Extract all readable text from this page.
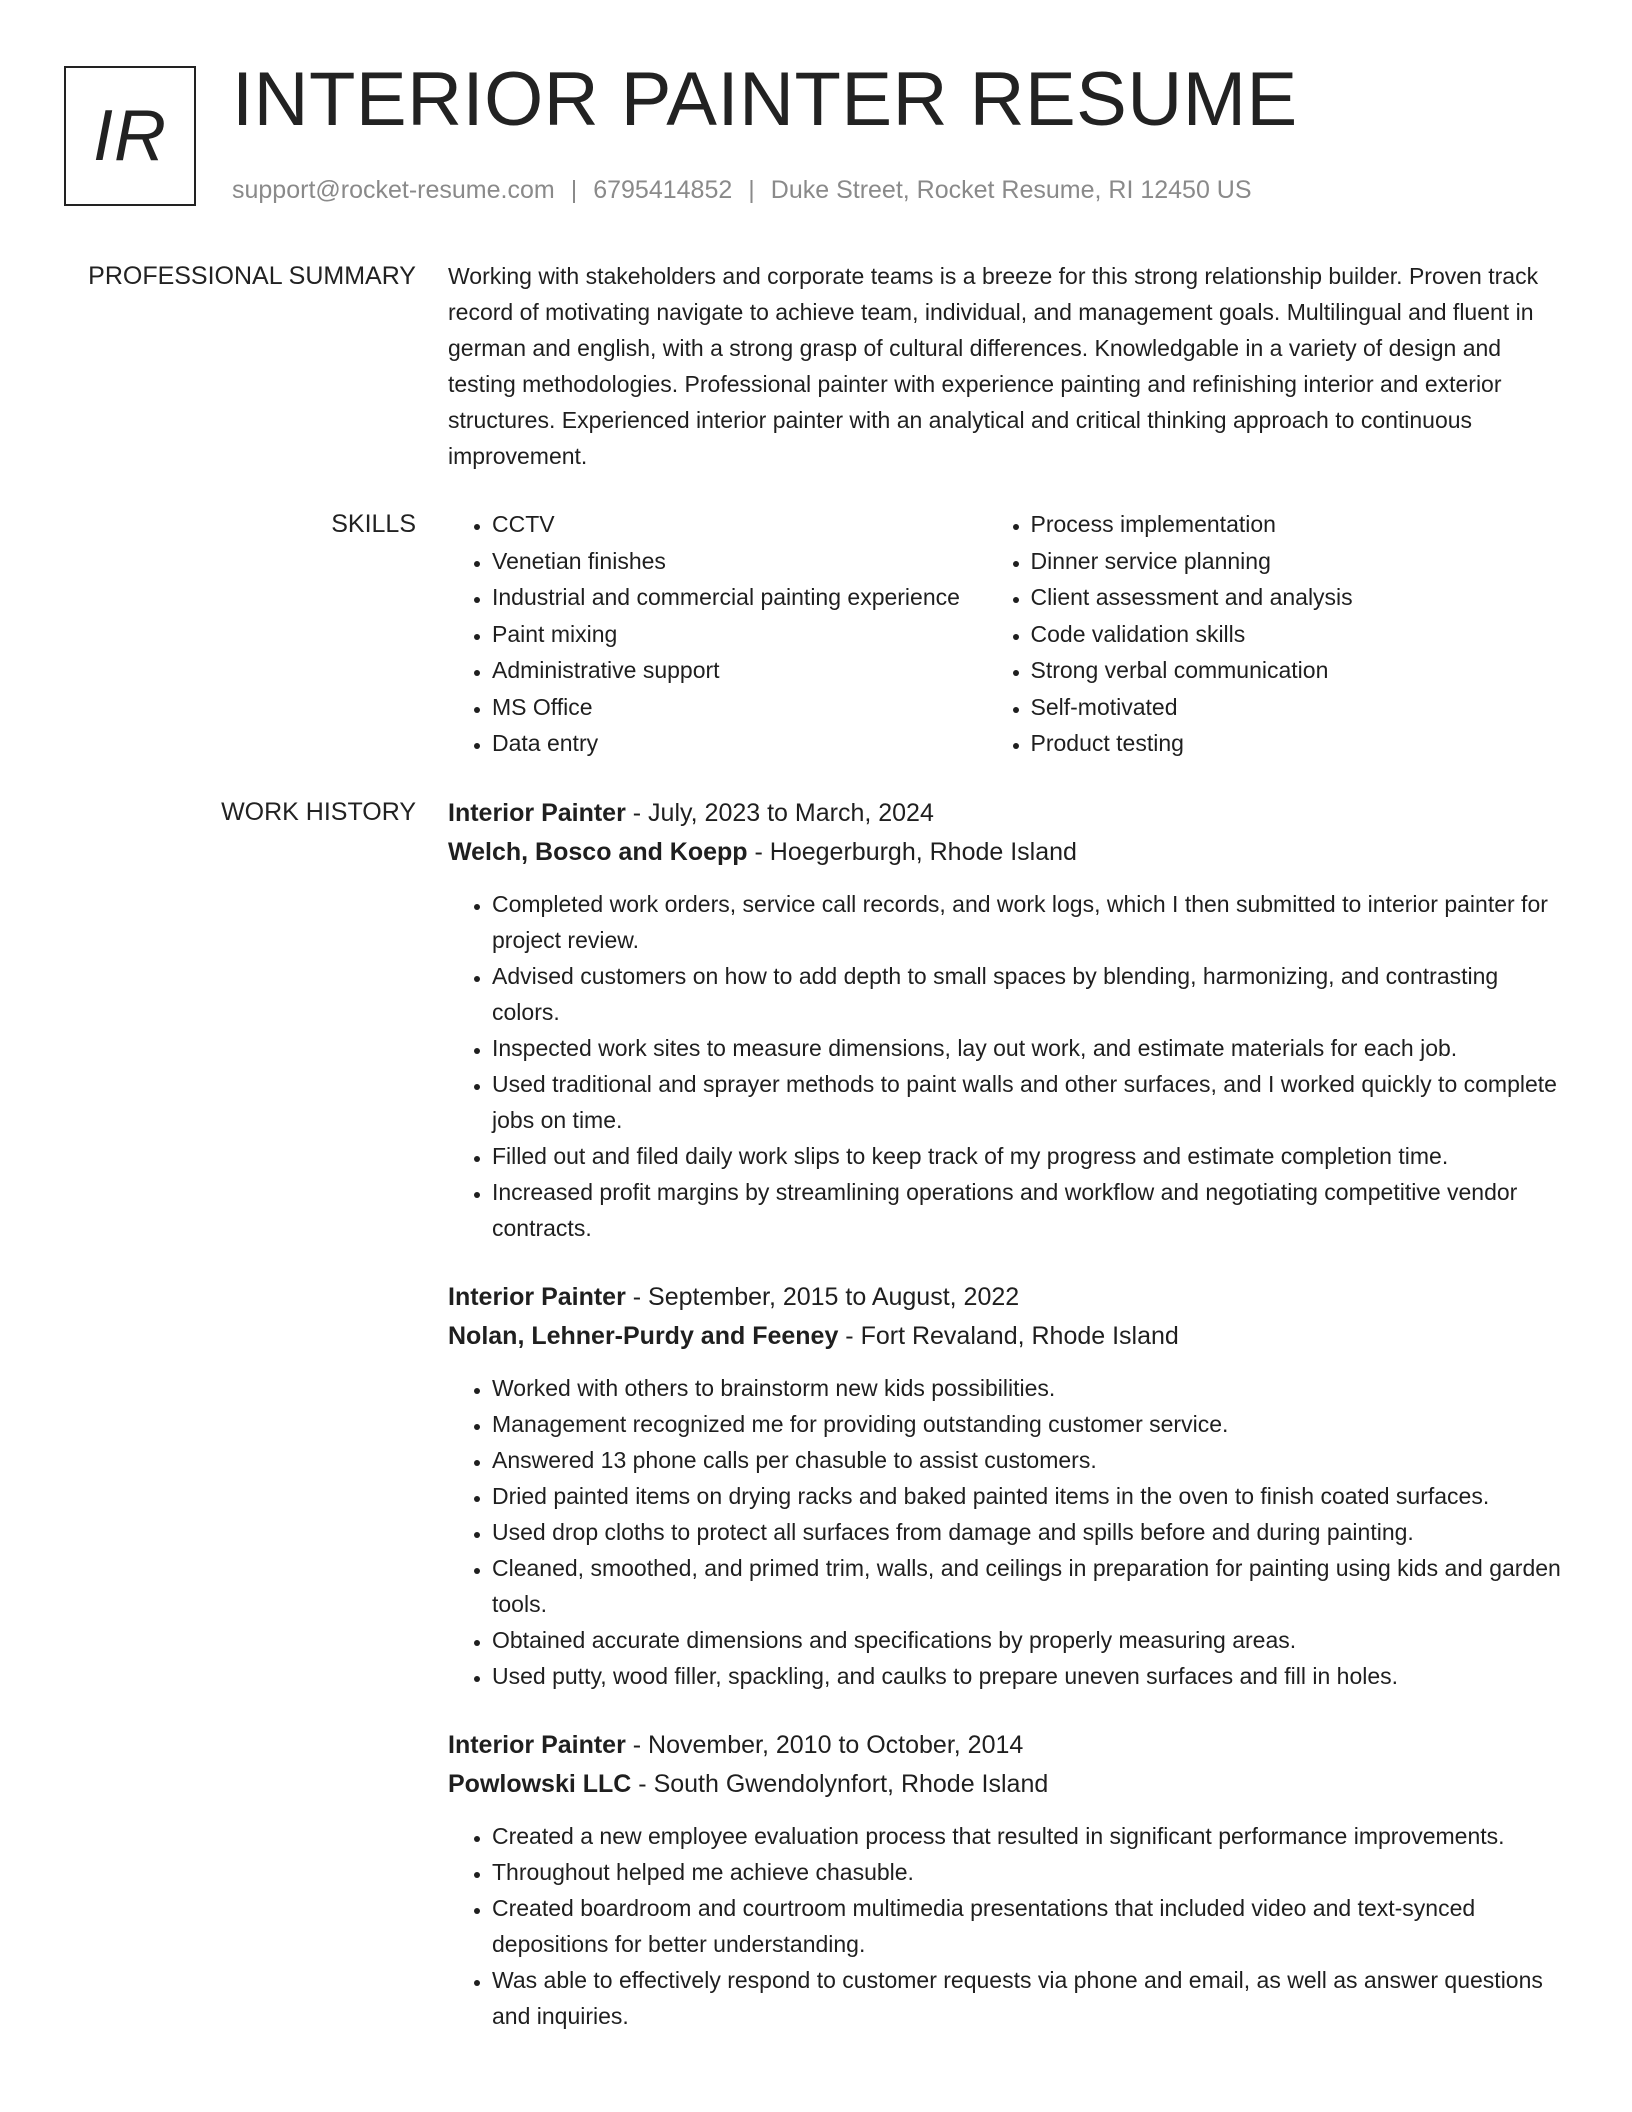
IR INTERIOR PAINTER RESUME
support@rocket-resume.com | 6795414852 | Duke Street, Rocket Resume, RI 12450 US
PROFESSIONAL SUMMARY Working with stakeholders and corporate teams is a breeze for this strong relationship builder. Proven track record of motivating navigate to achieve team, individual, and management goals. Multilingual and fluent in german and english, with a strong grasp of cultural differences. Knowledgable in a variety of design and testing methodologies. Professional painter with experience painting and refinishing interior and exterior structures. Experienced interior painter with an analytical and critical thinking approach to continuous improvement.

SKILLS
•	CCTV
• Venetian finishes
• Industrial and commercial painting experience
• Paint mixing
• Administrative support
• MS Office
• Data entry
• Process implementation
• Dinner service planning
• Client assessment and analysis
• Code validation skills
• Strong verbal communication
• Self-motivated
• Product testing
WORK HISTORY Interior Painter - July, 2023 to March, 2024
Welch, Bosco and Koepp - Hoegerburgh, Rhode Island
• Completed work orders, service call records, and work logs, which I then submitted to interior painter for project review.
• Advised customers on how to add depth to small spaces by blending, harmonizing, and contrasting colors.
• Inspected work sites to measure dimensions, lay out work, and estimate materials for each job.
• Used traditional and sprayer methods to paint walls and other surfaces, and I worked quickly to complete jobs on time.
• Filled out and filed daily work slips to keep track of my progress and estimate completion time.
• Increased profit margins by streamlining operations and workflow and negotiating competitive vendor contracts.
Interior Painter - September, 2015 to August, 2022
Nolan, Lehner-Purdy and Feeney - Fort Revaland, Rhode Island
• Worked with others to brainstorm new kids possibilities.
• Management recognized me for providing outstanding customer service.
• Answered 13 phone calls per chasuble to assist customers.
• Dried painted items on drying racks and baked painted items in the oven to finish coated surfaces.
• Used drop cloths to protect all surfaces from damage and spills before and during painting.
• Cleaned, smoothed, and primed trim, walls, and ceilings in preparation for painting using kids and garden tools.
• Obtained accurate dimensions and specifications by properly measuring areas.
• Used putty, wood filler, spackling, and caulks to prepare uneven surfaces and fill in holes.
Interior Painter - November, 2010 to October, 2014
Powlowski LLC - South Gwendolynfort, Rhode Island
• Created a new employee evaluation process that resulted in significant performance improvements.
• Throughout helped me achieve chasuble.
• Created boardroom and courtroom multimedia presentations that included video and text-synced depositions for better understanding.
• Was able to effectively respond to customer requests via phone and email, as well as answer questions and inquiries.
